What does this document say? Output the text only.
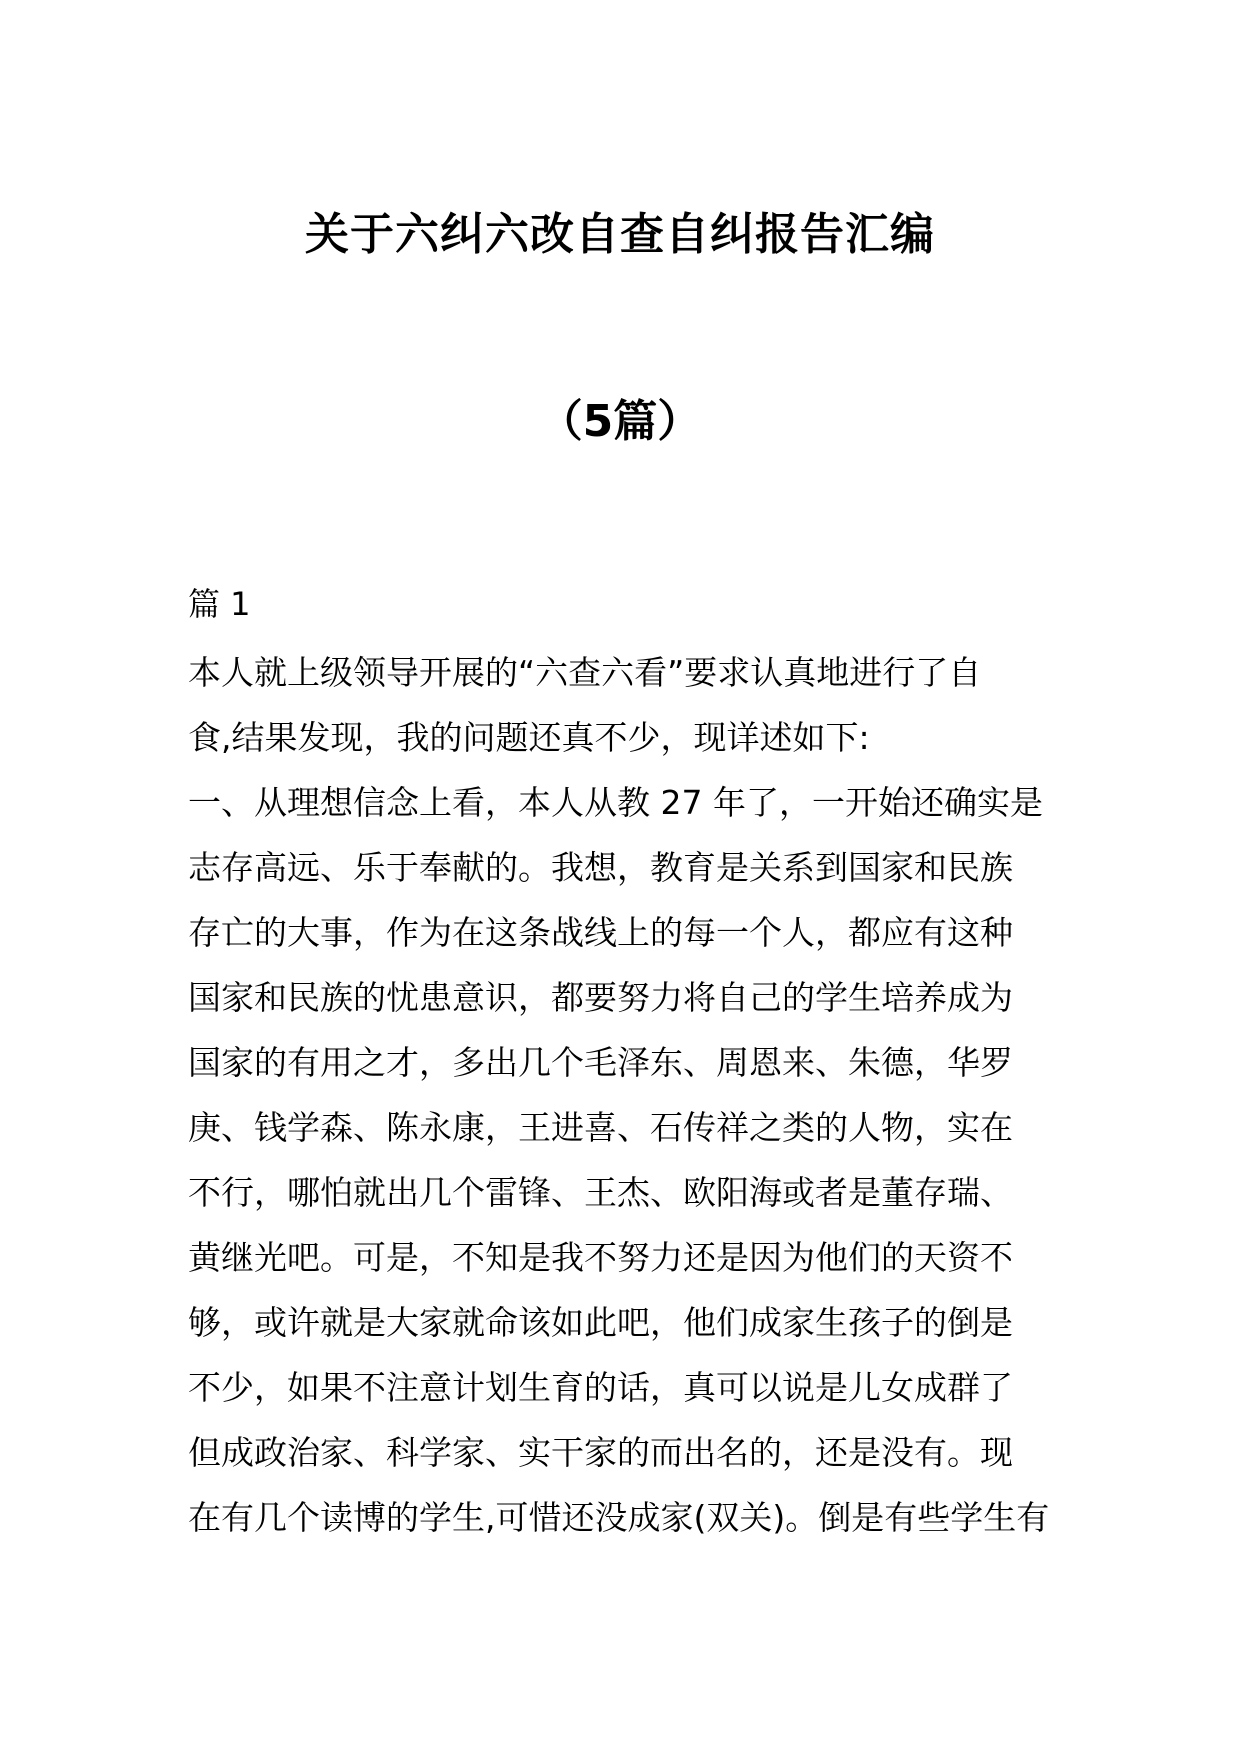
关于六纠六改自查自纠报告汇编
（5篇）
篇 1
本人就上级领导开展的“六查六看”要求认真地进行了自
食,结果发现，我的问题还真不少，现详述如下:
一、从理想信念上看，本人从教 27 年了，一开始还确实是
志存高远、乐于奉献的。我想，教育是关系到国家和民族
存亡的大事，作为在这条战线上的每一个人，都应有这种
国家和民族的忧患意识，都要努力将自己的学生培养成为
国家的有用之才，多出几个毛泽东、周恩来、朱德，华罗
庚、钱学森、陈永康，王进喜、石传祥之类的人物，实在
不行，哪怕就出几个雷锋、王杰、欧阳海或者是董存瑞、
黄继光吧。可是，不知是我不努力还是因为他们的天资不
够，或许就是大家就命该如此吧，他们成家生孩子的倒是
不少，如果不注意计划生育的话，真可以说是儿女成群了
但成政治家、科学家、实干家的而出名的，还是没有。现
在有几个读博的学生,可惜还没成家(双关)。倒是有些学生有
